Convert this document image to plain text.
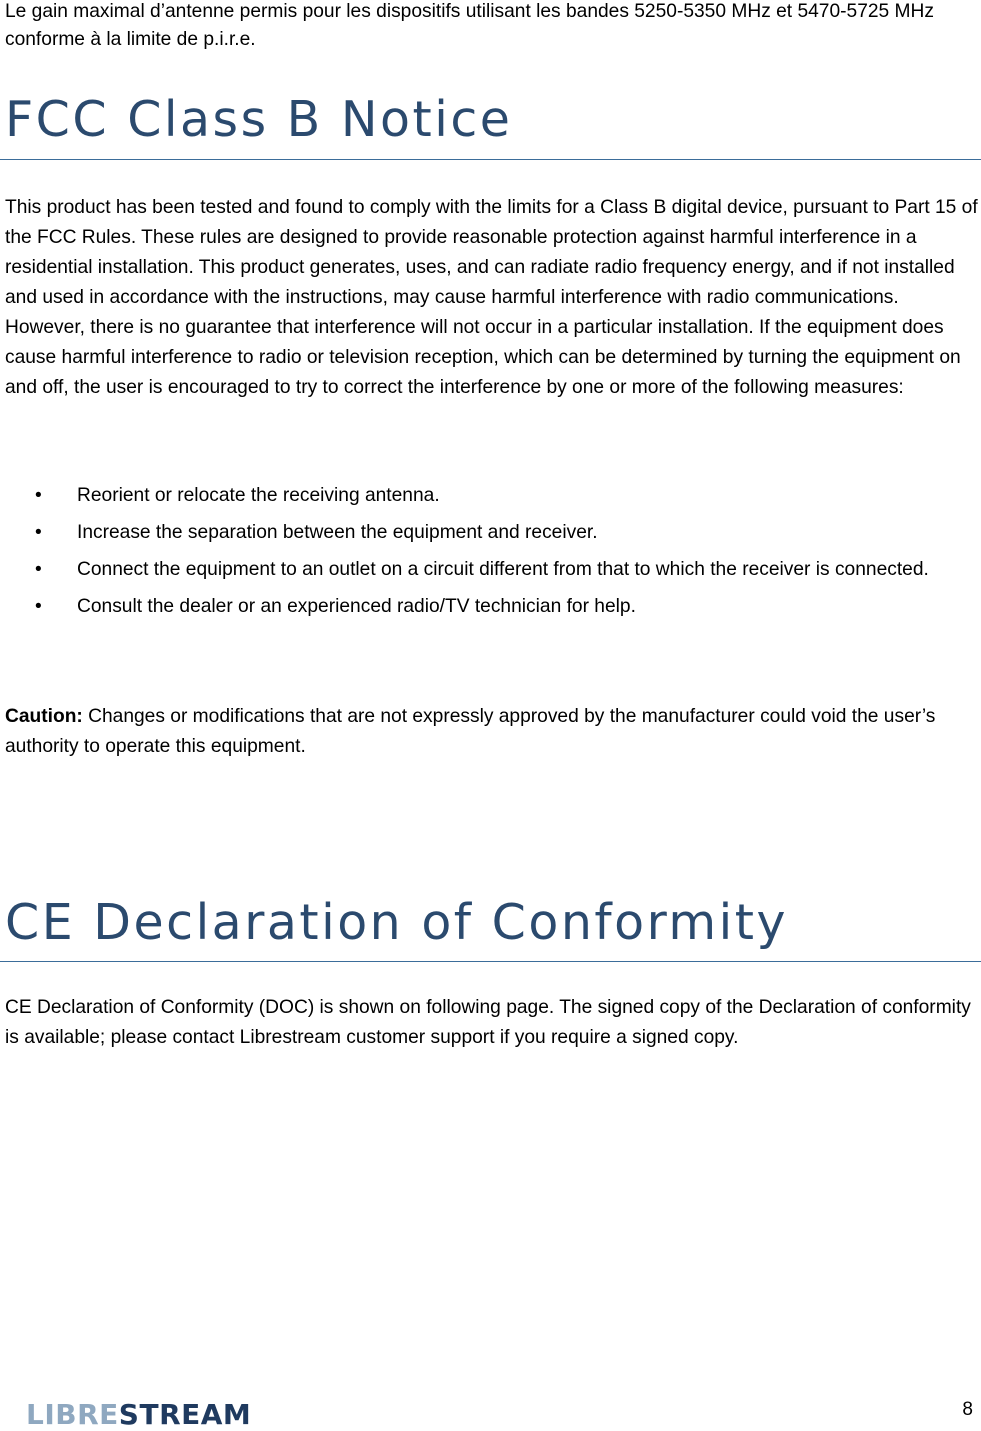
Le gain maximal d’antenne permis pour les dispositifs utilisant les bandes 5250-5350 MHz et 5470-5725 MHz conforme à la limite de p.i.r.e.

FCC Class B Notice

This product has been tested and found to comply with the limits for a Class B digital device, pursuant to Part 15 of the FCC Rules. These rules are designed to provide reasonable protection against harmful interference in a residential installation. This product generates, uses, and can radiate radio frequency energy, and if not installed and used in accordance with the instructions, may cause harmful interference with radio communications. However, there is no guarantee that interference will not occur in a particular installation. If the equipment does cause harmful interference to radio or television reception, which can be determined by turning the equipment on and off, the user is encouraged to try to correct the interference by one or more of the following measures:

•	Reorient or relocate the receiving antenna.
•	Increase the separation between the equipment and receiver.
•	Connect the equipment to an outlet on a circuit different from that to which the receiver is connected.
•	Consult the dealer or an experienced radio/TV technician for help.

Caution: Changes or modifications that are not expressly approved by the manufacturer could void the user’s authority to operate this equipment.

CE Declaration of Conformity

CE Declaration of Conformity (DOC) is shown on following page. The signed copy of the Declaration of conformity is available; please contact Librestream customer support if you require a signed copy.

LIBRESTREAM	8
